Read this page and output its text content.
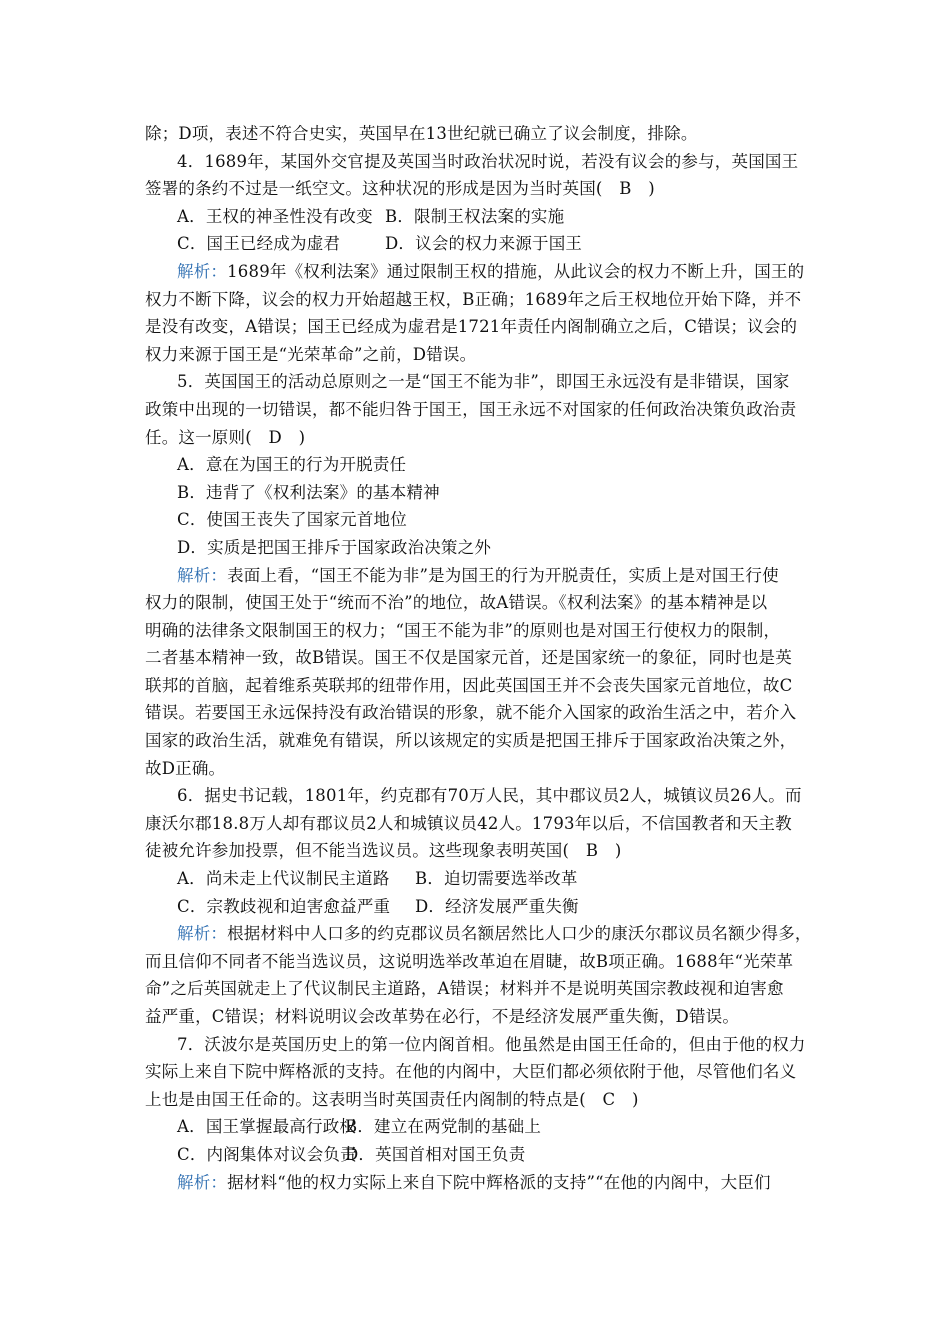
除；D项，表述不符合史实，英国早在13世纪就已确立了议会制度，排除。
4．1689年，某国外交官提及英国当时政治状况时说，若没有议会的参与，英国国王
签署的条约不过是一纸空文。这种状况的形成是因为当时英国(　B　)
A．王权的神圣性没有改变 B．限制王权法案的实施
C．国王已经成为虚君	D．议会的权力来源于国王
解析：1689年《权利法案》通过限制王权的措施，从此议会的权力不断上升，国王的
权力不断下降，议会的权力开始超越王权，B正确；1689年之后王权地位开始下降，并不
是没有改变，A错误；国王已经成为虚君是1721年责任内阁制确立之后，C错误；议会的
权力来源于国王是“光荣革命”之前，D错误。
5．英国国王的活动总原则之一是“国王不能为非”，即国王永远没有是非错误，国家
政策中出现的一切错误，都不能归咎于国王，国王永远不对国家的任何政治决策负政治责
任。这一原则(　D　)
A．意在为国王的行为开脱责任
B．违背了《权利法案》的基本精神
C．使国王丧失了国家元首地位
D．实质是把国王排斥于国家政治决策之外
解析：表面上看，“国王不能为非”是为国王的行为开脱责任，实质上是对国王行使
权力的限制，使国王处于“统而不治”的地位，故A错误。《权利法案》的基本精神是以
明确的法律条文限制国王的权力；“国王不能为非”的原则也是对国王行使权力的限制，
二者基本精神一致，故B错误。国王不仅是国家元首，还是国家统一的象征，同时也是英
联邦的首脑，起着维系英联邦的纽带作用，因此英国国王并不会丧失国家元首地位，故C
错误。若要国王永远保持没有政治错误的形象，就不能介入国家的政治生活之中，若介入
国家的政治生活，就难免有错误，所以该规定的实质是把国王排斥于国家政治决策之外，
故D正确。
6．据史书记载，1801年，约克郡有70万人民，其中郡议员2人，城镇议员26人。而
康沃尔郡18.8万人却有郡议员2人和城镇议员42人。1793年以后，不信国教者和天主教
徒被允许参加投票，但不能当选议员。这些现象表明英国(　B　)
A．尚未走上代议制民主道路 B．迫切需要选举改革
C．宗教歧视和迫害愈益严重 D．经济发展严重失衡
解析：根据材料中人口多的约克郡议员名额居然比人口少的康沃尔郡议员名额少得多，
而且信仰不同者不能当选议员，这说明选举改革迫在眉睫，故B项正确。1688年“光荣革
命”之后英国就走上了代议制民主道路，A错误；材料并不是说明英国宗教歧视和迫害愈
益严重，C错误；材料说明议会改革势在必行，不是经济发展严重失衡，D错误。
7．沃波尔是英国历史上的第一位内阁首相。他虽然是由国王任命的，但由于他的权力
实际上来自下院中辉格派的支持。在他的内阁中，大臣们都必须依附于他，尽管他们名义
上也是由国王任命的。这表明当时英国责任内阁制的特点是(　C　)
A．国王掌握最高行政权
B．建立在两党制的基础上
C．内阁集体对议会负责
D．英国首相对国王负责
解析：据材料“他的权力实际上来自下院中辉格派的支持”“在他的内阁中，大臣们
